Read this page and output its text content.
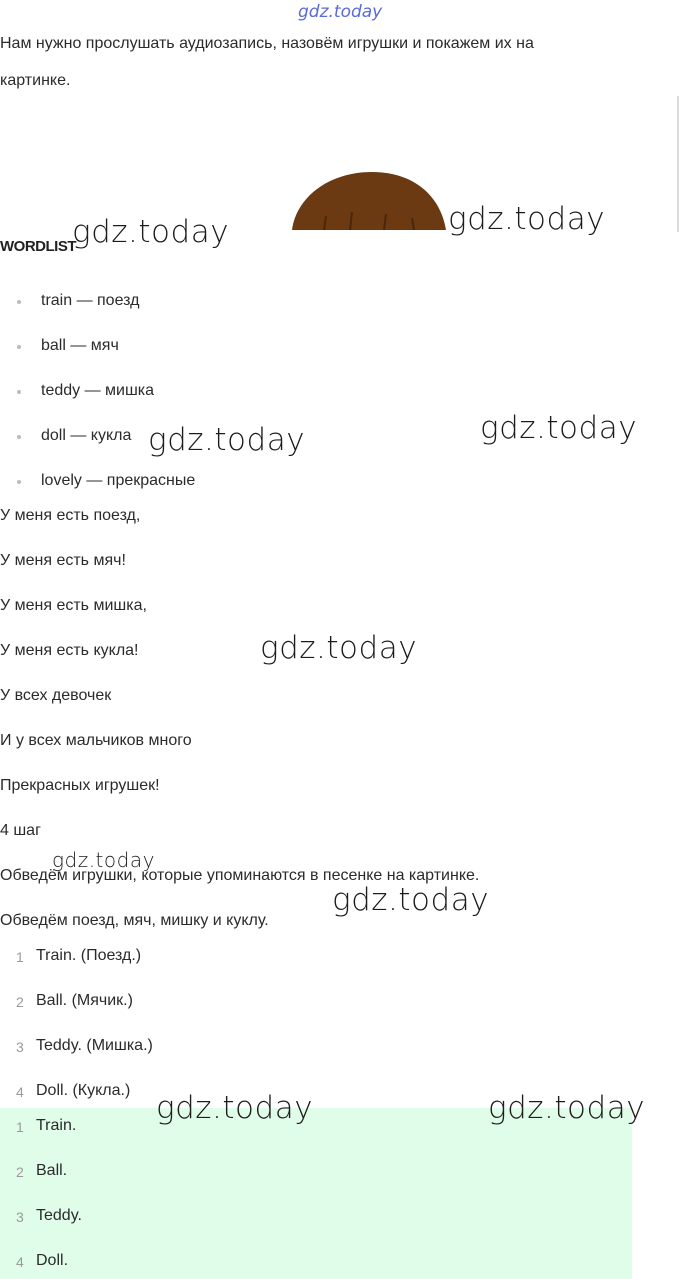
gdz.today
Нам нужно прослушать аудиозапись, назовём игрушки и покажем их на
картинке.
WORDLIST
train — поезд
ball — мяч
teddy — мишка
doll — кукла
lovely — прекрасные
У меня есть поезд,
У меня есть мяч!
У меня есть мишка,
У меня есть кукла!
У всех девочек
И у всех мальчиков много
Прекрасных игрушек!
4 шаг
Обведём игрушки, которые упоминаются в песенке на картинке.
Обведём поезд, мяч, мишку и куклу.
1 Train. (Поезд.)
2 Ball. (Мячик.)
3 Teddy. (Мишка.)
4 Doll. (Кукла.)
1 Train.
2 Ball.
3 Teddy.
4 Doll.
gdz.today	gdz.today
gdz.today	gdz.today
gdz.today
gdz.today
gdz.today
gdz.today	gdz.today
